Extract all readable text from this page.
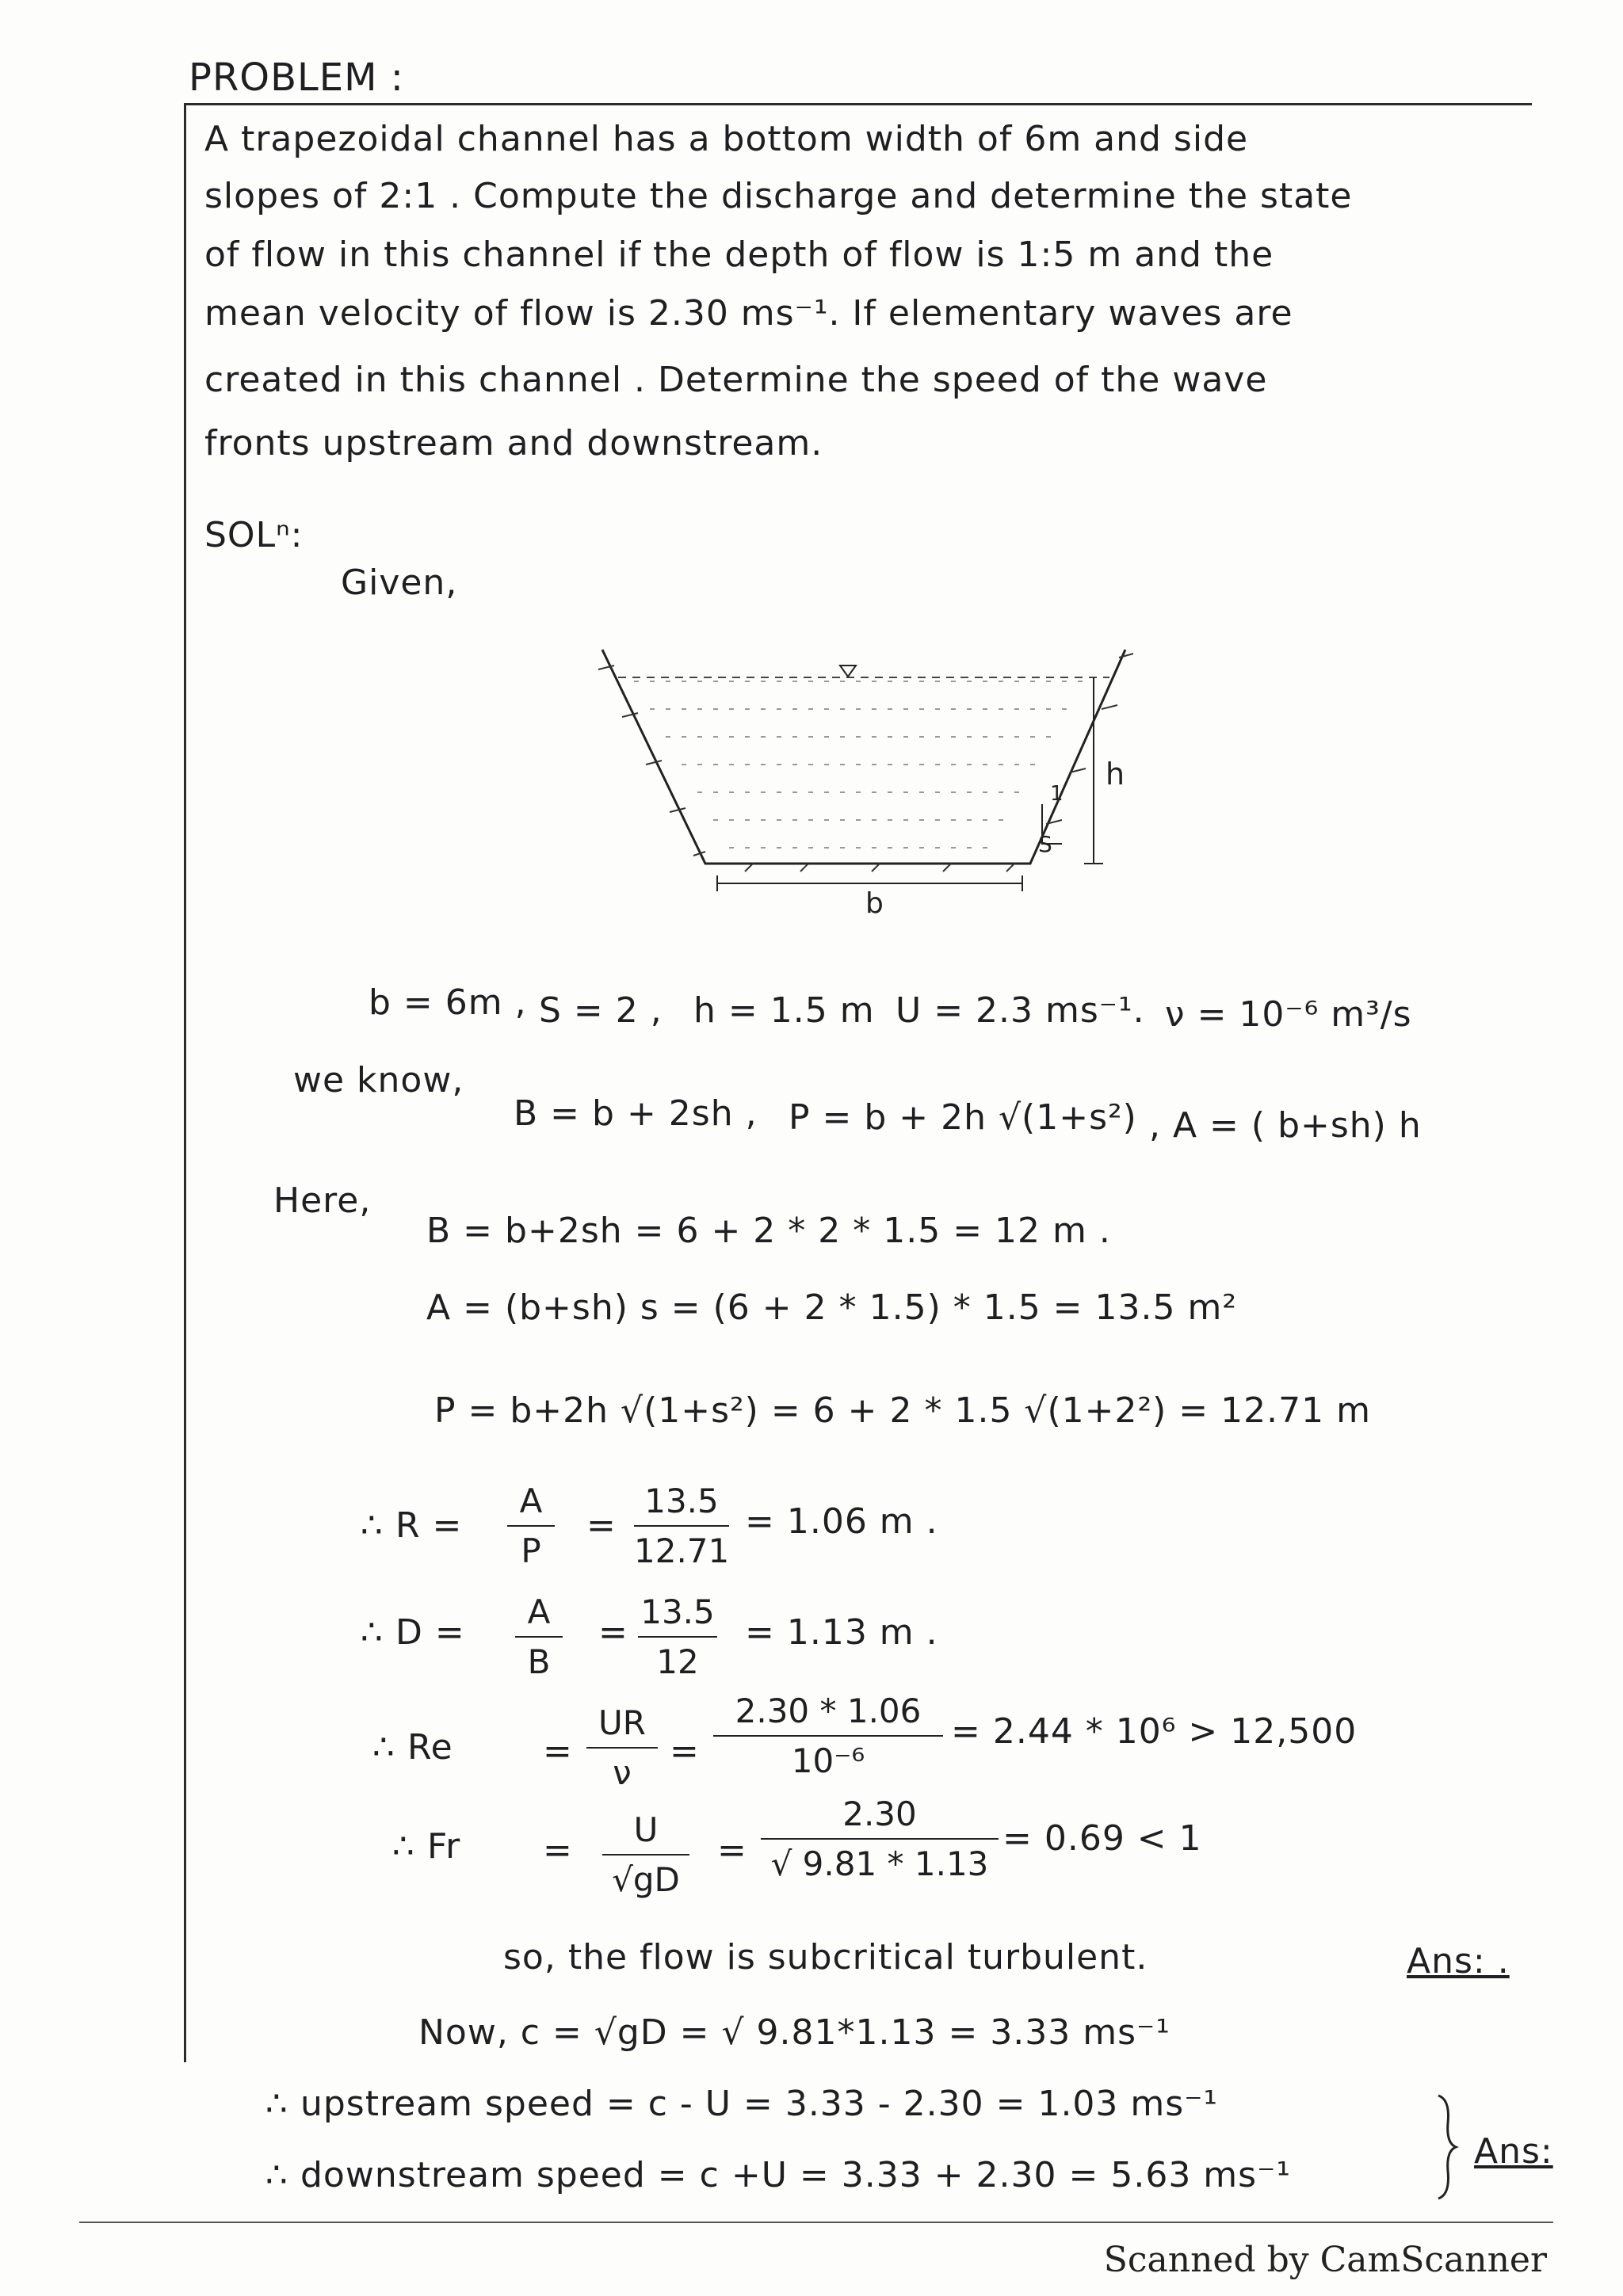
PROBLEM :
A trapezoidal channel has a bottom width of 6m and side
slopes of 2:1 . Compute the discharge and determine the state
of flow in this channel if the depth of flow is 1:5 m and the
mean velocity of flow is 2.30 ms⁻¹. If elementary waves are
created in this channel . Determine the speed of the wave
fronts upstream and downstream.
SOLⁿ:
Given,
b
h
1
S
b = 6m , S = 2 , h = 1.5 m U = 2.3 ms⁻¹. ν = 10⁻⁶ m³/s
we know,
B = b + 2sh , P = b + 2h √(1+s²) , A = ( b+sh) h
Here,
B = b+2sh = 6 + 2 * 2 * 1.5 = 12 m .
A = (b+sh) s = (6 + 2 * 1.5) * 1.5 = 13.5 m²
P = b+2h √(1+s²) = 6 + 2 * 1.5 √(1+2²) = 12.71 m
∴ R =
A
P
=
13.5
12.71
= 1.06 m .
∴ D =
A
B
=
13.5
12
= 1.13 m .
∴ Re	=
UR
ν
=
2.30 * 1.06
10⁻⁶
= 2.44 * 10⁶ > 12,500
∴ Fr =
U
√gD
=
2.30
√ 9.81 * 1.13
= 0.69 < 1
so, the flow is subcritical turbulent.	Ans: .
Now, c = √gD = √ 9.81*1.13 = 3.33 ms⁻¹
∴ upstream speed = c - U = 3.33 - 2.30 = 1.03 ms⁻¹
∴ downstream speed = c +U = 3.33 + 2.30 = 5.63 ms⁻¹
Ans:
Scanned by CamScanner
